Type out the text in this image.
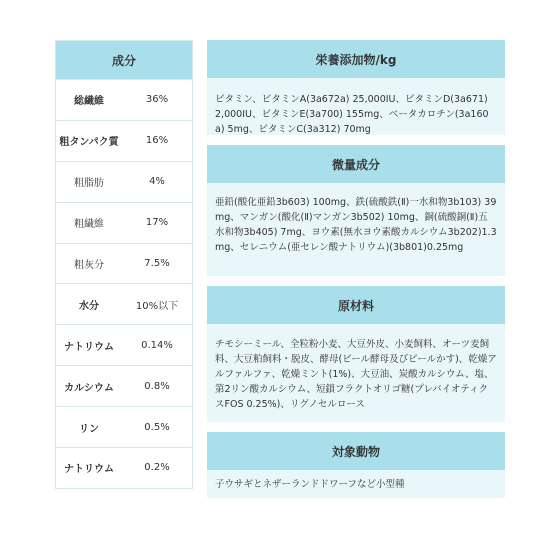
成分
総繊維	36%
粗タンパク質	16%
粗脂肪	4%
粗繊維	17%
粗灰分	7.5%
水分	10%以下
ナトリウム	0.14%
カルシウム	0.8%
リン	0.5%
ナトリウム	0.2%
栄養添加物/kg
ビタミン、ビタミンA(3a672a) 25,000IU、ビタミンD(3a671) 2,000IU、ビタミンE(3a700) 155mg、ベータカロチン(3a160a) 5mg、ビタミンC(3a312) 70mg
微量成分
亜鉛(酸化亜鉛3b603) 100mg、鉄(硫酸鉄(Ⅱ)一水和物3b103) 39mg、マンガン(酸化(Ⅱ)マンガン3b502) 10mg、銅(硫酸銅(Ⅱ)五水和物3b405) 7mg、ヨウ素(無水ヨウ素酸カルシウム3b202)1.3mg、セレニウム(亜セレン酸ナトリウム)(3b801)0.25mg
原材料
チモシーミール、全粒粉小麦、大豆外皮、小麦飼料、オーツ麦飼料、大豆粕飼料・脱皮、酵母(ビール酵母及びビールかす)、乾燥アルファルファ、乾燥ミント(1%)、大豆油、炭酸カルシウム、塩、第2リン酸カルシウム、短鎖フラクトオリゴ糖(プレバイオティクスFOS 0.25%)、リグノセルロース
対象動物
子ウサギとネザーランドドワーフなど小型種
